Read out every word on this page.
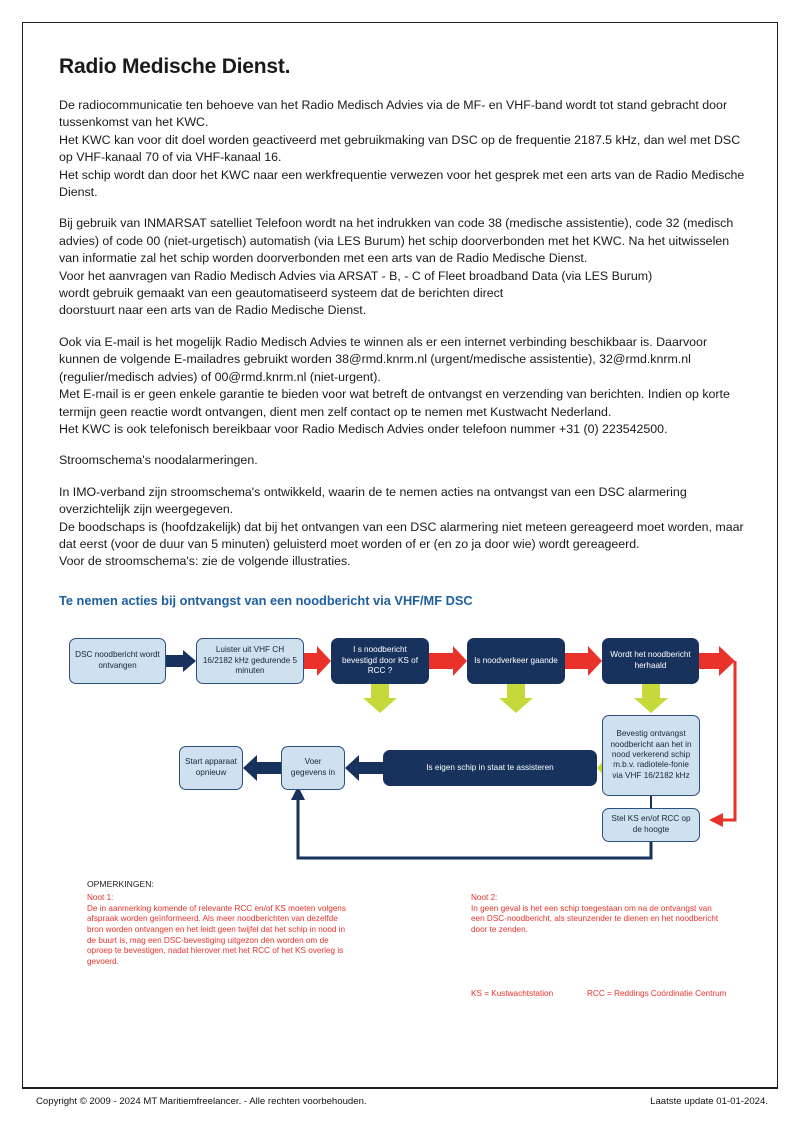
Radio Medische Dienst.

De radiocommunicatie ten behoeve van het Radio Medisch Advies via de MF- en VHF-band wordt tot stand gebracht door tussenkomst van het KWC.

Het KWC kan voor dit doel worden geactiveerd met gebruikmaking van DSC op de frequentie 2187.5 kHz, dan wel met DSC op VHF-kanaal 70 of via VHF-kanaal 16.

Het schip wordt dan door het KWC naar een werkfrequentie verwezen voor het gesprek met een arts van de Radio Medische Dienst.

Bij gebruik van INMARSAT satelliet Telefoon wordt na het indrukken van code 38 (medische assistentie), code 32 (medisch advies) of code 00 (niet-urgetisch) automatish (via LES Burum) het schip doorverbonden met het KWC. Na het uitwisselen van informatie zal het schip worden doorverbonden met een arts van de Radio Medische Dienst.

Voor het aanvragen van Radio Medisch Advies via ARSAT - B, - C of Fleet broadband Data (via LES Burum)

wordt gebruik gemaakt van een geautomatiseerd systeem dat de berichten direct

doorstuurt naar een arts van de Radio Medische Dienst.

Ook via E-mail is het mogelijk Radio Medisch Advies te winnen als er een internet verbinding beschikbaar is. Daarvoor kunnen de volgende E-mailadres gebruikt worden 38@rmd.knrm.nl (urgent/medische assistentie), 32@rmd.knrm.nl (regulier/medisch advies) of 00@rmd.knrm.nl (niet-urgent).

Met E-mail is er geen enkele garantie te bieden voor wat betreft de ontvangst en verzending van berichten. Indien op korte termijn geen reactie wordt ontvangen, dient men zelf contact op te nemen met Kustwacht Nederland.

Het KWC is ook telefonisch bereikbaar voor Radio Medisch Advies onder telefoon nummer +31 (0) 223542500.

Stroomschema's noodalarmeringen.

In IMO-verband zijn stroomschema's ontwikkeld, waarin de te nemen acties na ontvangst van een DSC alarmering overzichtelijk zijn weergegeven.

De boodschaps is (hoofdzakelijk) dat bij het ontvangen van een DSC alarmering niet meteen gereageerd moet worden, maar dat eerst (voor de duur van 5 minuten) geluisterd moet worden of er (en zo ja door wie) wordt gereageerd.

Voor de stroomschema's: zie de volgende illustraties.

Te nemen acties bij ontvangst van een noodbericht via VHF/MF DSC
DSC noodbericht wordt ontvangen
Luister uit VHF CH 16/2182 kHz gedurende 5 minuten
I s noodbericht bevestigd door KS of RCC ?
Is noodverkeer gaande
Wordt het noodbericht herhaald
Bevestig ontvangst noodbericht aan het in nood verkerend schip m.b.v. radiotele-fonie via VHF 16/2182 kHz
Stel KS en/of RCC op de hoogte
Is eigen schip in staat te assisteren
Voer gegevens in
Start apparaat opnieuw
OPMERKINGEN:
Noot 1:
De in aanmerking komende of relevante RCC en/of KS moeten volgens afspraak worden geïnformeerd. Als meer noodberichten van dezelfde bron worden ontvangen en het leidt geen twijfel dat het schip in nood in de buurt is, mag een DSC-bevestiging uitgezon den worden om de oproep te bevestigen, nadat hierover met het RCC of het KS overleg is gevoerd.
Noot 2:
In geen geval is het een schip toegestaan om na de ontvangst van een DSC-noodbericht, als steunzender te dienen en het noodbericht door te zenden.
KS = Kustwachtstation	RCC = Reddings Coördinatie Centrum
Copyright © 2009 - 2024 MT Maritiemfreelancer. - Alle rechten voorbehouden.	Laatste update 01-01-2024.
